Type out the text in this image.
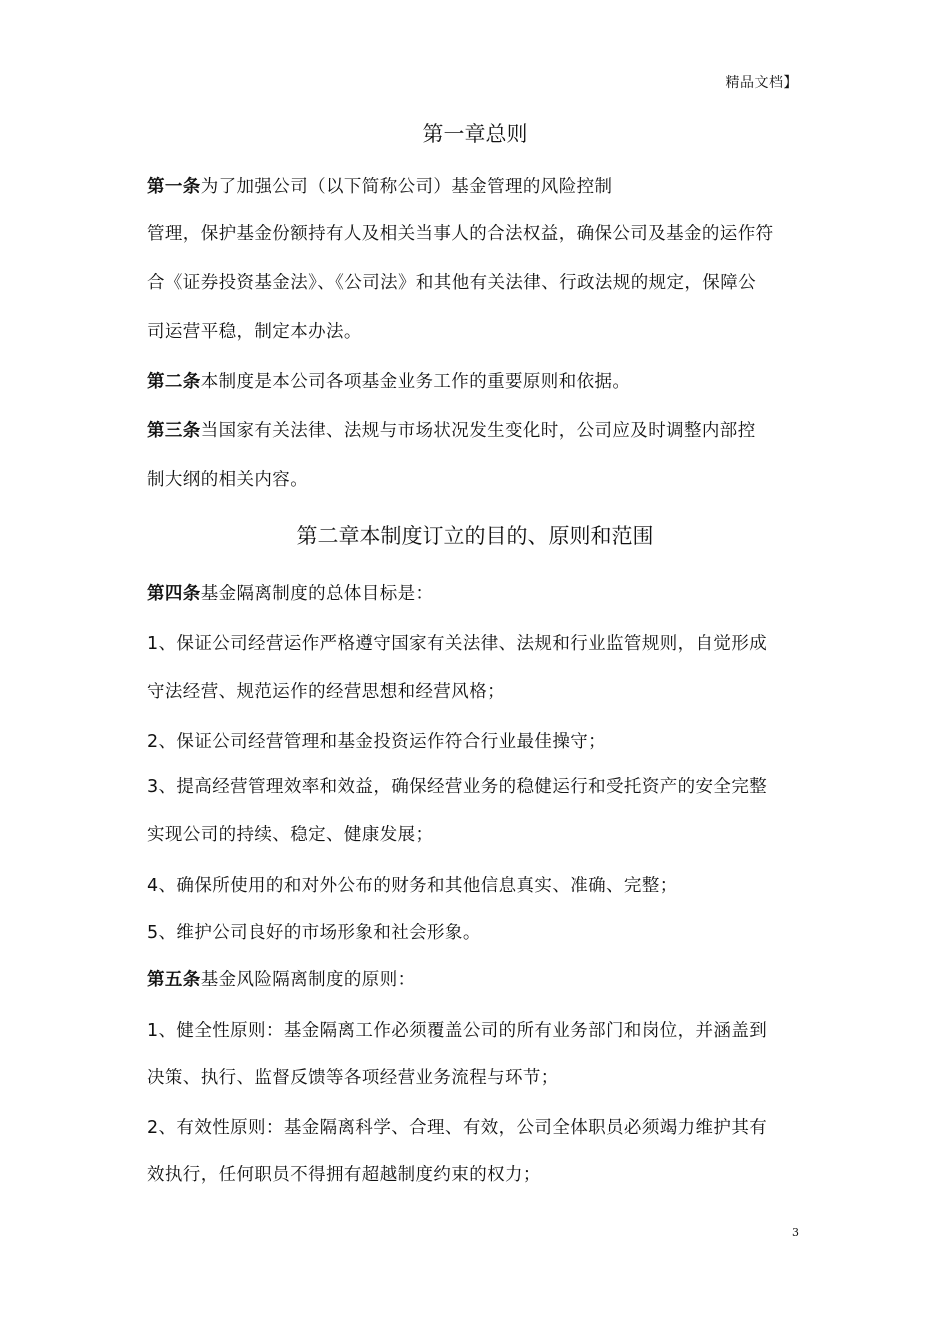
精品文档】
第一章总则
第一条为了加强公司（以下简称公司）基金管理的风险控制
管理，保护基金份额持有人及相关当事人的合法权益，确保公司及基金的运作符
合《证券投资基金法》、《公司法》和其他有关法律、行政法规的规定，保障公
司运营平稳，制定本办法。
第二条本制度是本公司各项基金业务工作的重要原则和依据。
第三条当国家有关法律、法规与市场状况发生变化时，公司应及时调整内部控
制大纲的相关内容。
第二章本制度订立的目的、原则和范围
第四条基金隔离制度的总体目标是：
1、保证公司经营运作严格遵守国家有关法律、法规和行业监管规则，自觉形成
守法经营、规范运作的经营思想和经营风格；
2、保证公司经营管理和基金投资运作符合行业最佳操守；
3、提高经营管理效率和效益，确保经营业务的稳健运行和受托资产的安全完整
实现公司的持续、稳定、健康发展；
4、确保所使用的和对外公布的财务和其他信息真实、准确、完整；
5、维护公司良好的市场形象和社会形象。
第五条基金风险隔离制度的原则：
1、健全性原则：基金隔离工作必须覆盖公司的所有业务部门和岗位，并涵盖到
决策、执行、监督反馈等各项经营业务流程与环节；
2、有效性原则：基金隔离科学、合理、有效，公司全体职员必须竭力维护其有
效执行，任何职员不得拥有超越制度约束的权力；
3
